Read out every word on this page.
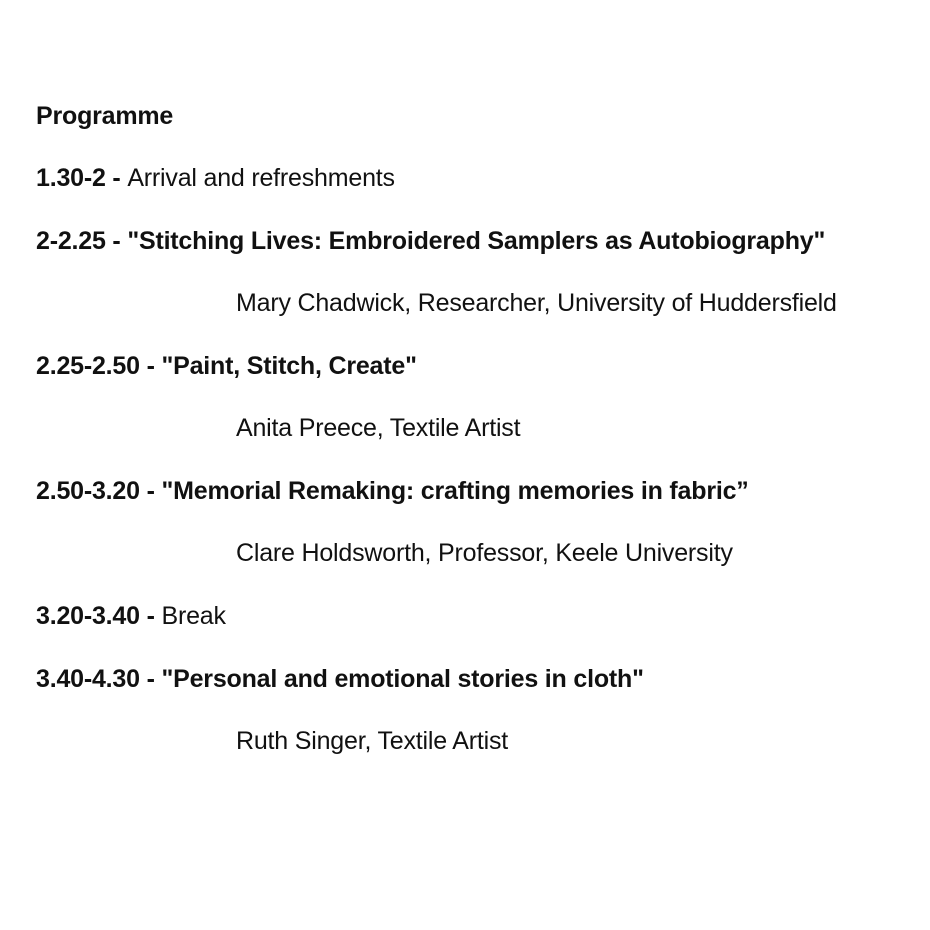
Programme
1.30-2 - Arrival and refreshments
2-2.25 - "Stitching Lives: Embroidered Samplers as Autobiography"
Mary Chadwick, Researcher, University of Huddersfield
2.25-2.50 - "Paint, Stitch, Create"
Anita Preece, Textile Artist
2.50-3.20 - "Memorial Remaking: crafting memories in fabric”
Clare Holdsworth, Professor, Keele University
3.20-3.40 - Break
3.40-4.30 - "Personal and emotional stories in cloth"
Ruth Singer, Textile Artist
